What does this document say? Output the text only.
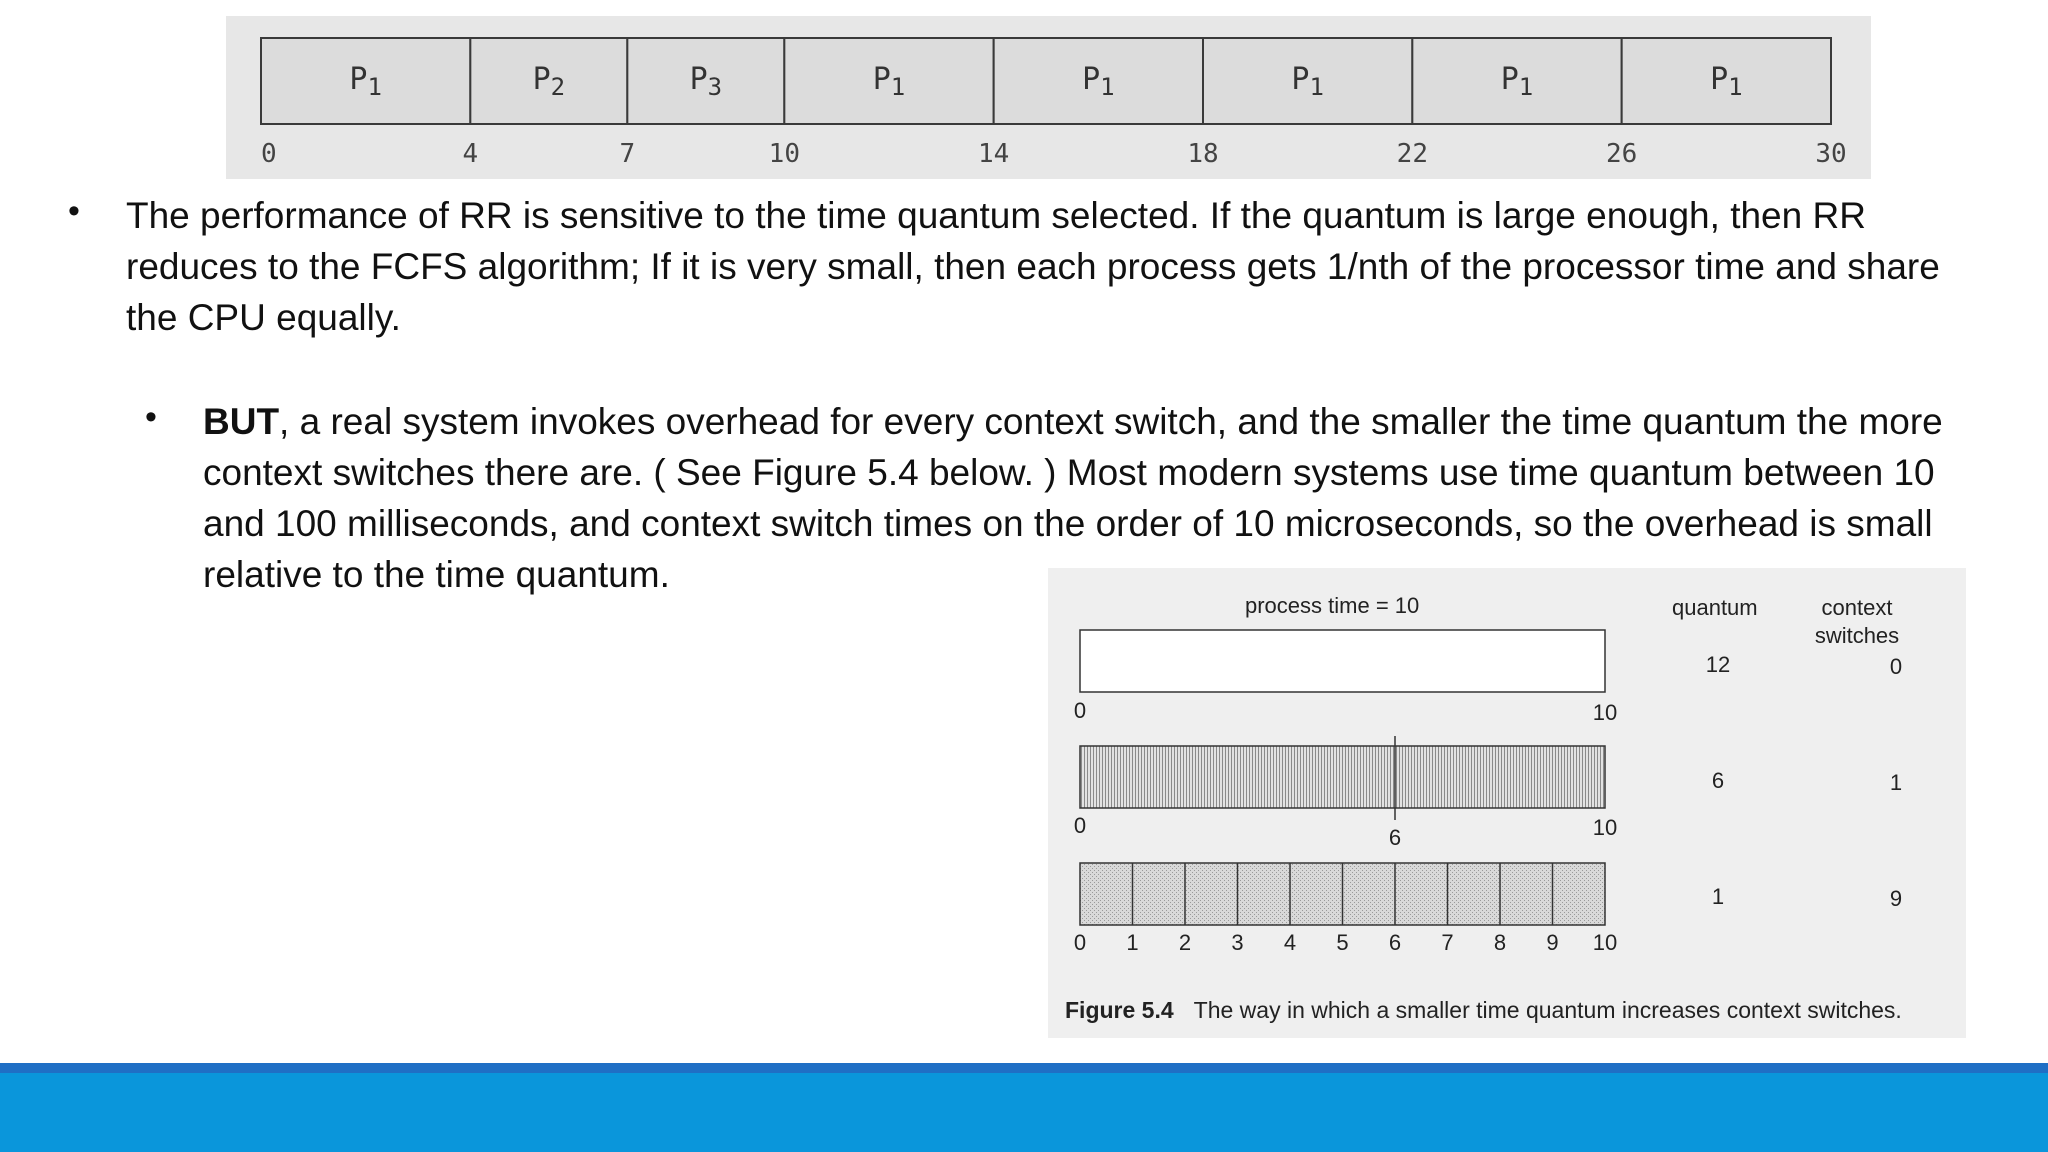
$P_1$	$P_2$	$P_3$	$P_1$	$P_1$	$P_1$	$P_1$	$P_1$
0	4	7	10	14	18	22	26	30
• The performance of RR is sensitive to the time quantum selected. If the quantum is large enough, then RR reduces to the FCFS algorithm; If it is very small, then each process gets 1/nth of the processor time and share the CPU equally.
• BUT, a real system invokes overhead for every context switch, and the smaller the time quantum the more context switches there are. ( See Figure 5.4 below. ) Most modern systems use time quantum between 10 and 100 milliseconds, and context switch times on the order of 10 microseconds, so the overhead is small relative to the time quantum.
process time = 10	quantum	context
switches
0	10
12	0
0	6	10
6	1
0 1 2 3 4 5 6 7 8 9 10
1	9
Figure 5.4 The way in which a smaller time quantum increases context switches.
